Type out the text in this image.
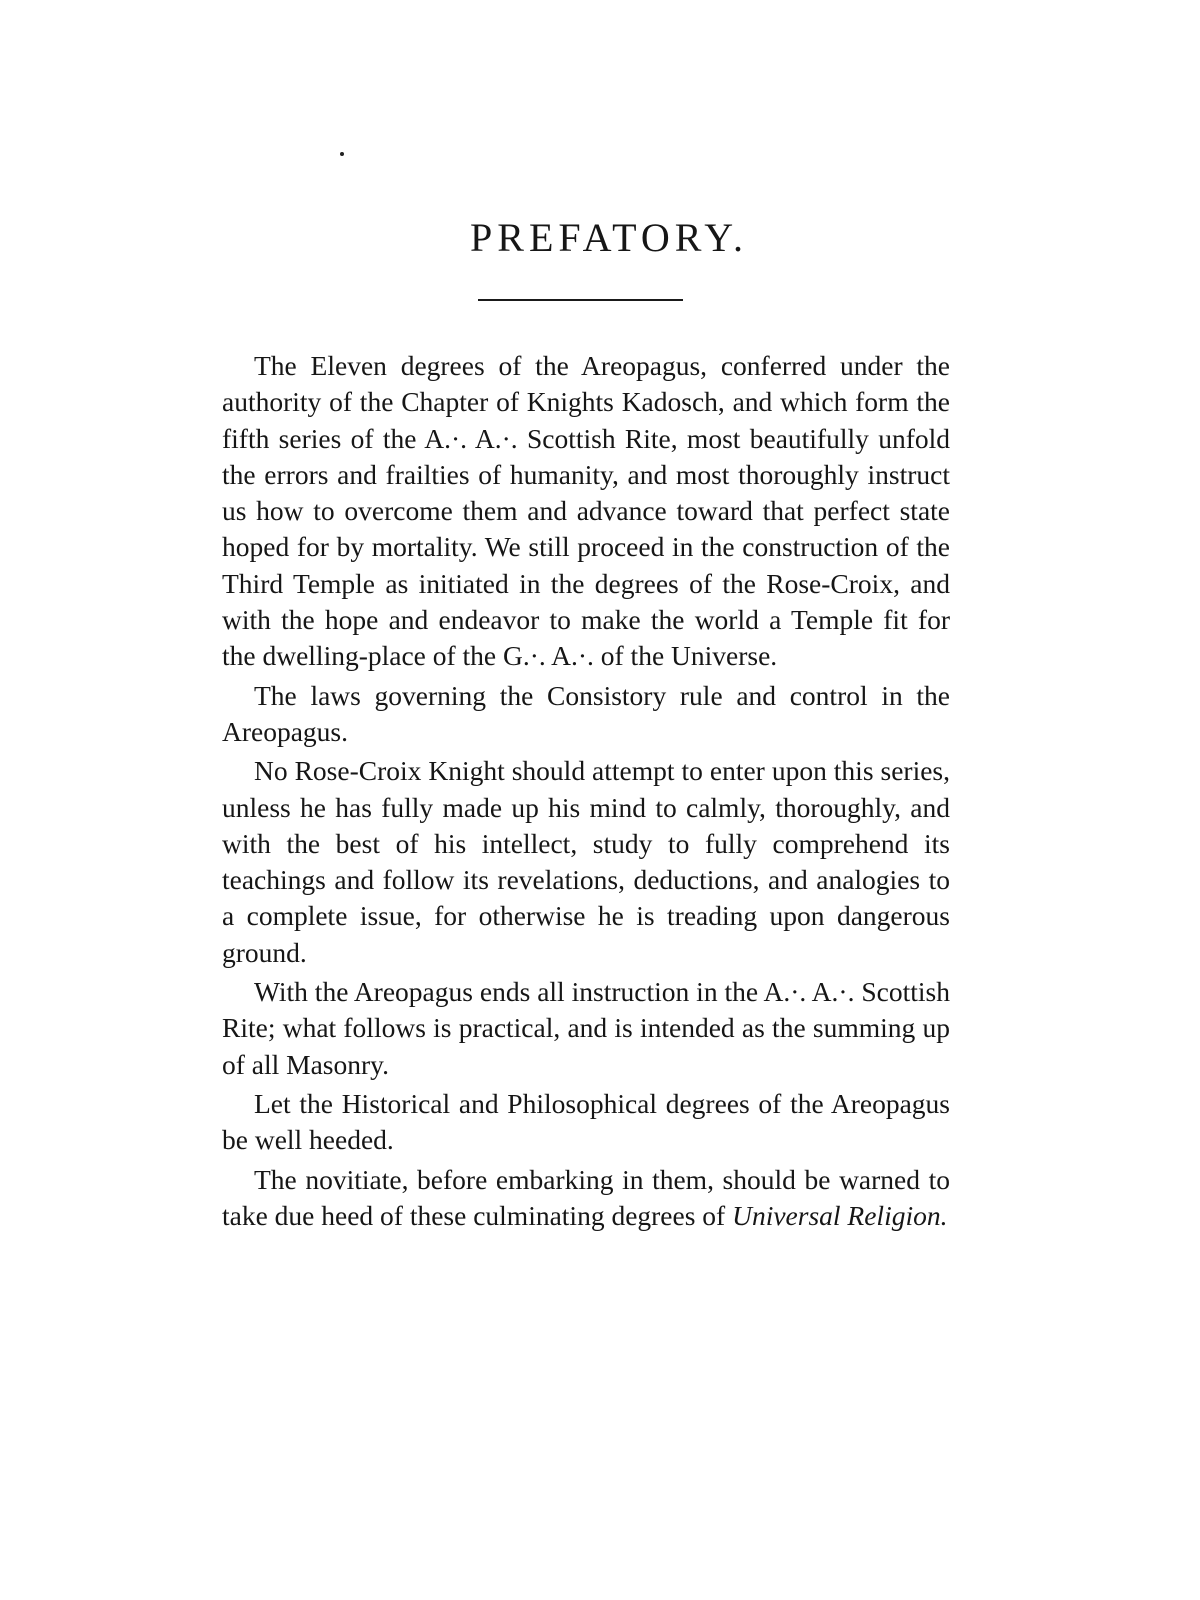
PREFATORY.

The Eleven degrees of the Areopagus, conferred under the authority of the Chapter of Knights Kadosch, and which form the fifth series of the A.·. A.·. Scottish Rite, most beautifully unfold the errors and frailties of humanity, and most thoroughly instruct us how to overcome them and advance toward that perfect state hoped for by mortality. We still proceed in the construction of the Third Temple as initiated in the degrees of the Rose-Croix, and with the hope and endeavor to make the world a Temple fit for the dwelling-place of the G.·. A.·. of the Universe.

The laws governing the Consistory rule and control in the Areopagus.

No Rose-Croix Knight should attempt to enter upon this series, unless he has fully made up his mind to calmly, thoroughly, and with the best of his intellect, study to fully comprehend its teachings and follow its revelations, deductions, and analogies to a complete issue, for otherwise he is treading upon dangerous ground.

With the Areopagus ends all instruction in the A.·. A.·. Scottish Rite; what follows is practical, and is intended as the summing up of all Masonry.

Let the Historical and Philosophical degrees of the Areopagus be well heeded.

The novitiate, before embarking in them, should be warned to take due heed of these culminating degrees of Universal Religion.
